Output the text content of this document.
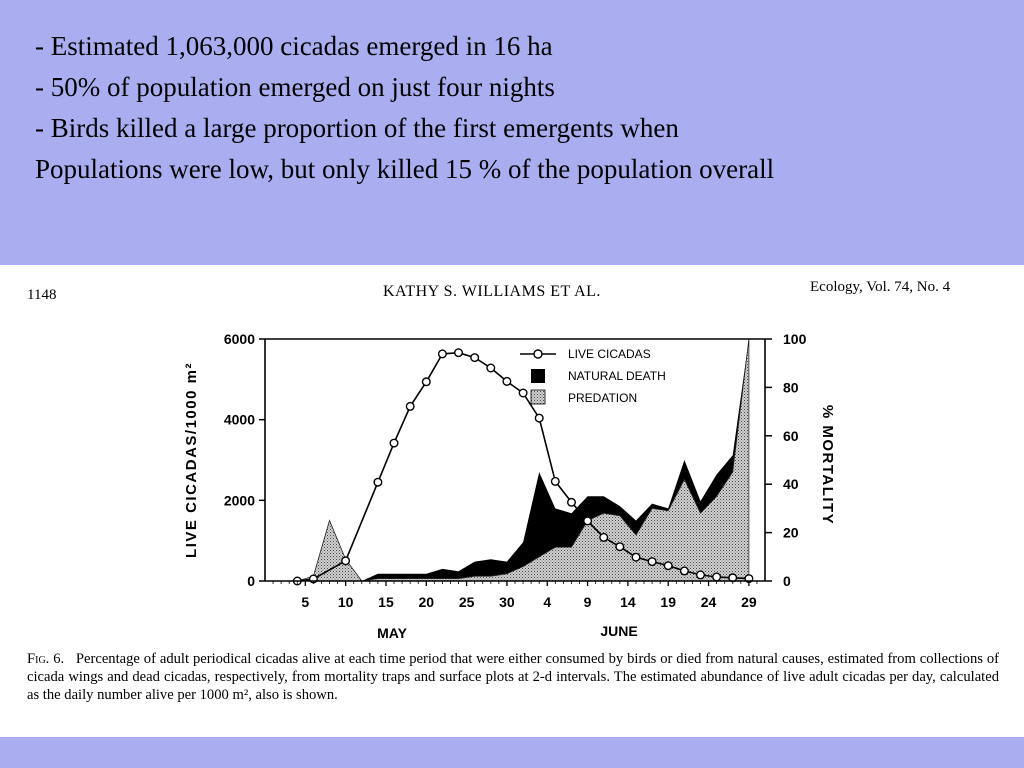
- Estimated 1,063,000 cicadas emerged in 16 ha
- 50% of population emerged on just four nights
- Birds killed a large proportion of the first emergents when
Populations were low, but only killed 15 % of the population overall
1148	KATHY S. WILLIAMS ET AL.	Ecology, Vol. 74, No. 4
0
2000
4000
6000
0
20
40
60
80
100
5 10 15 20 25 30 4 9 14 19 24 29
MAY	JUNE
LIVE CICADAS/1000 m²	% MORTALITY
LIVE CICADAS
NATURAL DEATH
PREDATION
Fig. 6. Percentage of adult periodical cicadas alive at each time period that were either consumed by birds or died from natural causes, estimated from collections of cicada wings and dead cicadas, respectively, from mortality traps and surface plots at 2-d intervals. The estimated abundance of live adult cicadas per day, calculated as the daily number alive per 1000 m², also is shown.
